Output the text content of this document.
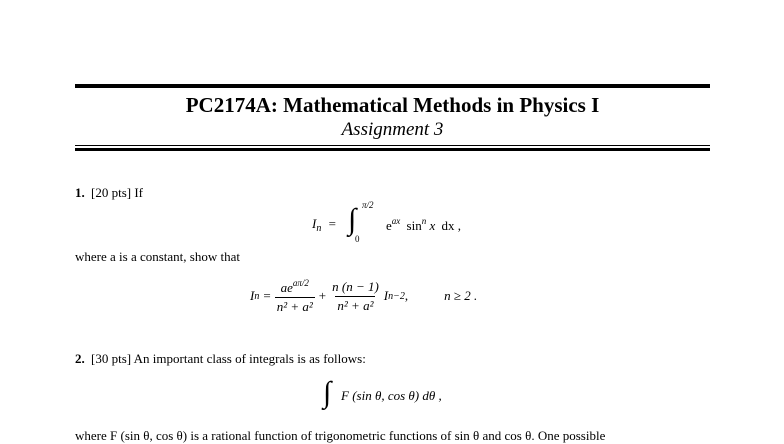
PC2174A: Mathematical Methods in Physics I
Assignment 3
1. [20 pts] If
$I_n$ = ∫ π/2
0
$e^{ax}$ $\sin^n x$ dx ,
where a is a constant, show that
I $n = \frac{ae^{a\pi/2}}{\text{n² + a²}} + \frac{n (n - 1)}{\text{n² + a²}}$ I n−2 ,	n ≥ 2 .
2. [30 pts] An important class of integrals is as follows:
∫ F (sin θ, cos θ) dθ ,
where F (sin θ, cos θ) is a rational function of trigonometric functions of sin θ and cos θ. One possible
